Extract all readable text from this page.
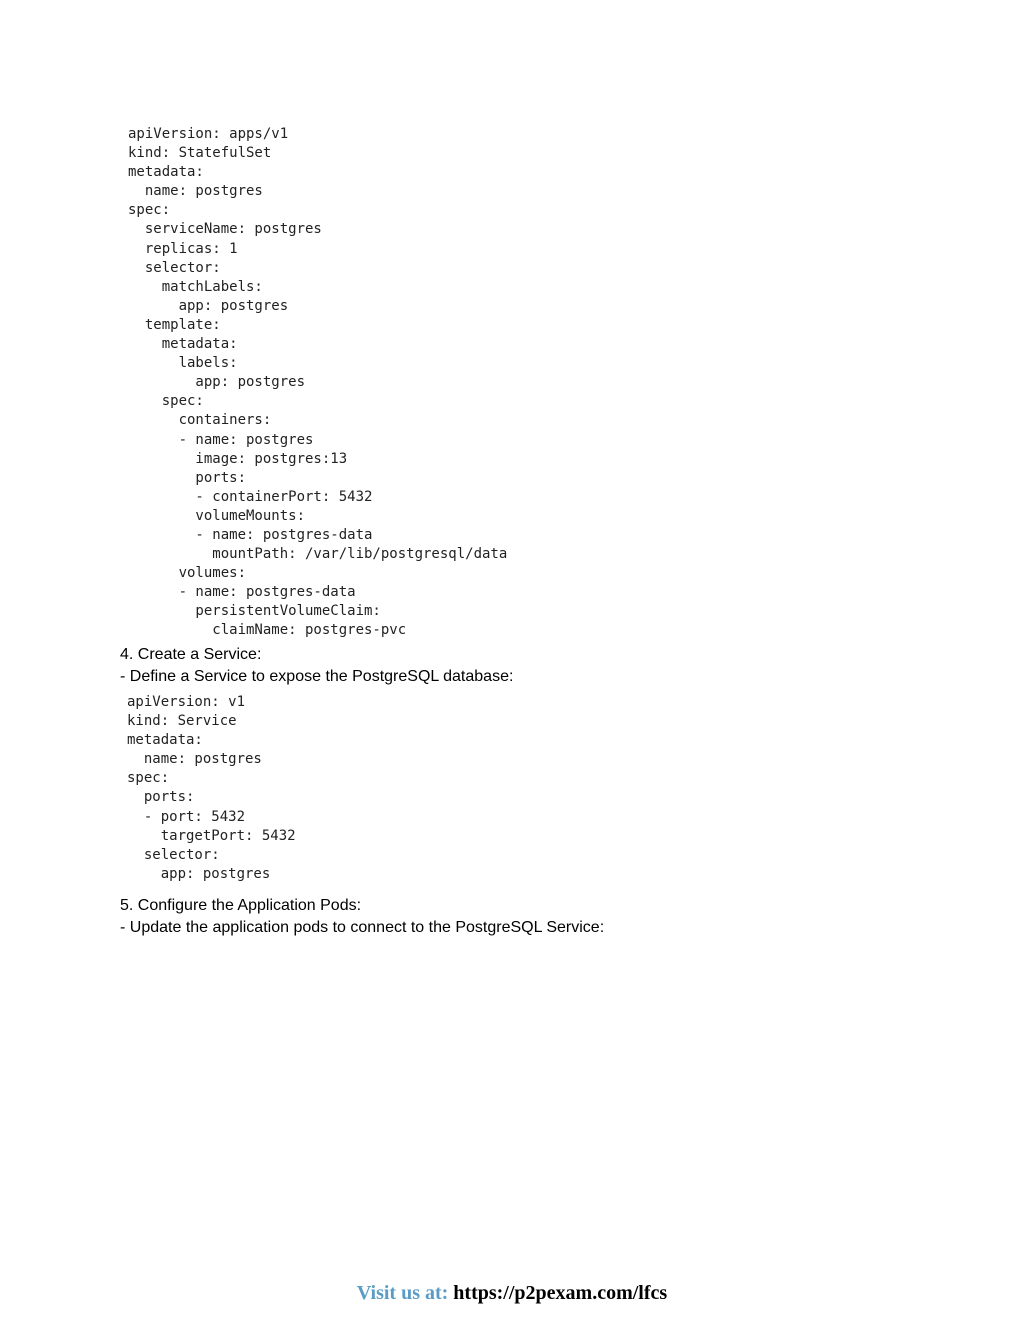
apiVersion: apps/v1
kind: StatefulSet
metadata:
name: postgres
spec:
serviceName: postgres
replicas: 1
selector:
matchLabels:
app: postgres
template:
metadata:
labels:
app: postgres
spec:
containers:
- name: postgres
image: postgres:13
ports:
- containerPort: 5432
volumeMounts:
- name: postgres-data
mountPath: /var/lib/postgresql/data
volumes:
- name: postgres-data
persistentVolumeClaim:
claimName: postgres-pvc
4. Create a Service:
- Define a Service to expose the PostgreSQL database:
apiVersion: v1
kind: Service
metadata:
name: postgres
spec:
ports:
- port: 5432
targetPort: 5432
selector:
app: postgres
5. Configure the Application Pods:
- Update the application pods to connect to the PostgreSQL Service:
Visit us at: https://p2pexam.com/lfcs
